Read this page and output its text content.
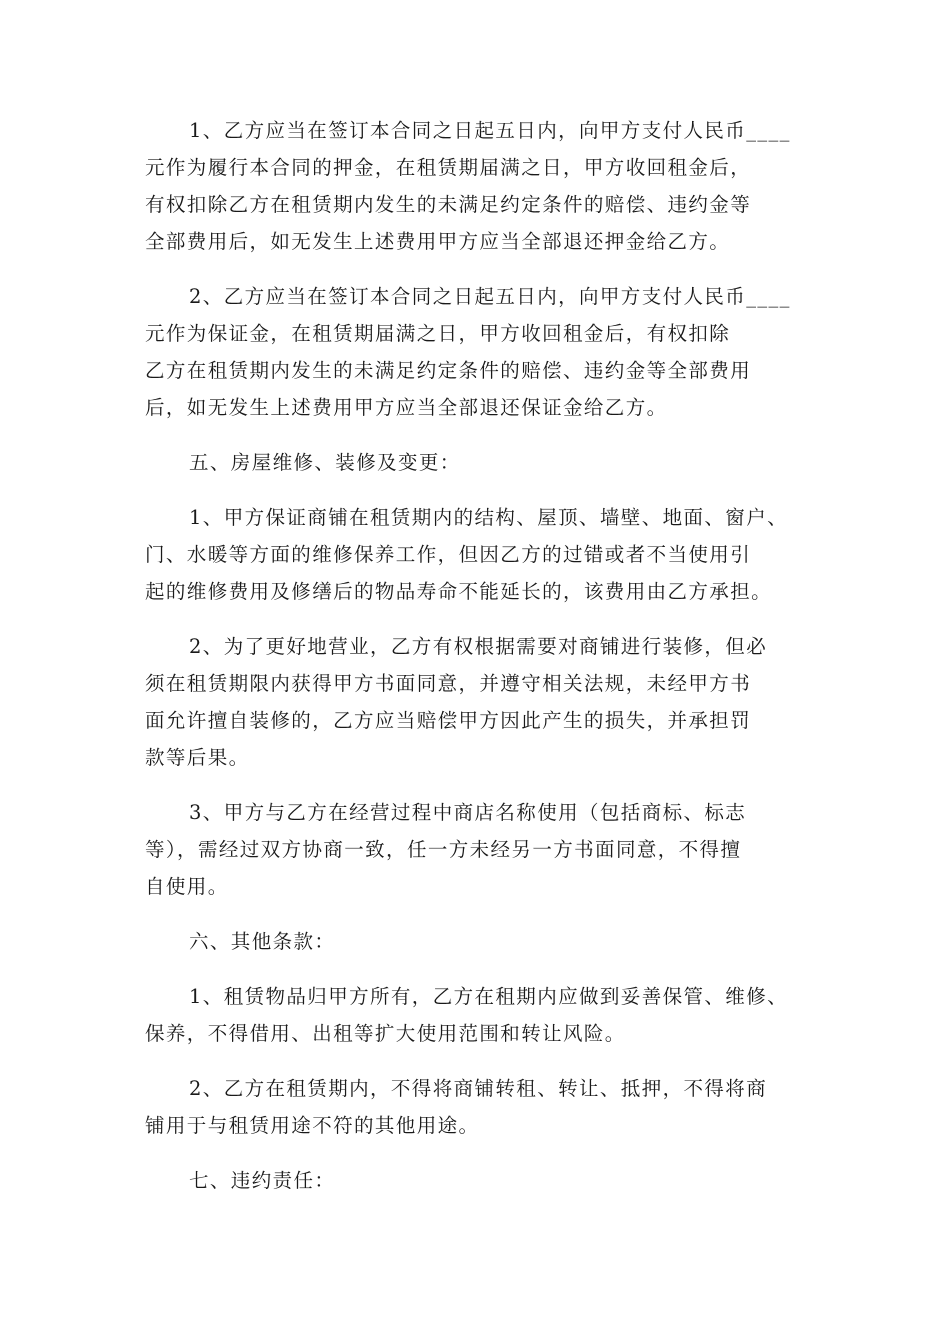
1、乙方应当在签订本合同之日起五日内，向甲方支付人民币____
元作为履行本合同的押金，在租赁期届满之日，甲方收回租金后，
有权扣除乙方在租赁期内发生的未满足约定条件的赔偿、违约金等
全部费用后，如无发生上述费用甲方应当全部退还押金给乙方。
2、乙方应当在签订本合同之日起五日内，向甲方支付人民币____
元作为保证金，在租赁期届满之日，甲方收回租金后，有权扣除
乙方在租赁期内发生的未满足约定条件的赔偿、违约金等全部费用
后，如无发生上述费用甲方应当全部退还保证金给乙方。
五、房屋维修、装修及变更：
1、甲方保证商铺在租赁期内的结构、屋顶、墙壁、地面、窗户、
门、水暖等方面的维修保养工作，但因乙方的过错或者不当使用引
起的维修费用及修缮后的物品寿命不能延长的，该费用由乙方承担。
2、为了更好地营业，乙方有权根据需要对商铺进行装修，但必
须在租赁期限内获得甲方书面同意，并遵守相关法规，未经甲方书
面允许擅自装修的，乙方应当赔偿甲方因此产生的损失，并承担罚
款等后果。
3、甲方与乙方在经营过程中商店名称使用（包括商标、标志
等），需经过双方协商一致，任一方未经另一方书面同意，不得擅
自使用。
六、其他条款：
1、租赁物品归甲方所有，乙方在租期内应做到妥善保管、维修、
保养，不得借用、出租等扩大使用范围和转让风险。
2、乙方在租赁期内，不得将商铺转租、转让、抵押，不得将商
铺用于与租赁用途不符的其他用途。
七、违约责任：
